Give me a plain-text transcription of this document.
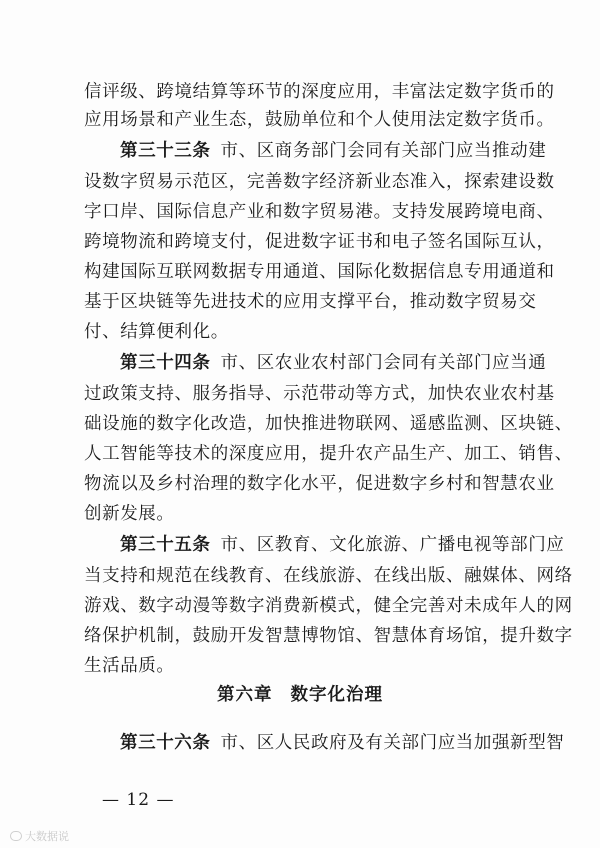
信评级、跨境结算等环节的深度应用，丰富法定数字货币的
应用场景和产业生态，鼓励单位和个人使用法定数字货币。
第三十三条 市、区商务部门会同有关部门应当推动建
设数字贸易示范区，完善数字经济新业态准入，探索建设数
字口岸、国际信息产业和数字贸易港。支持发展跨境电商、
跨境物流和跨境支付，促进数字证书和电子签名国际互认，
构建国际互联网数据专用通道、国际化数据信息专用通道和
基于区块链等先进技术的应用支撑平台，推动数字贸易交
付、结算便利化。
第三十四条 市、区农业农村部门会同有关部门应当通
过政策支持、服务指导、示范带动等方式，加快农业农村基
础设施的数字化改造，加快推进物联网、遥感监测、区块链、
人工智能等技术的深度应用，提升农产品生产、加工、销售、
物流以及乡村治理的数字化水平，促进数字乡村和智慧农业
创新发展。
第三十五条 市、区教育、文化旅游、广播电视等部门应
当支持和规范在线教育、在线旅游、在线出版、融媒体、网络
游戏、数字动漫等数字消费新模式，健全完善对未成年人的网
络保护机制，鼓励开发智慧博物馆、智慧体育场馆，提升数字
生活品质。
第六章 数字化治理
第三十六条 市、区人民政府及有关部门应当加强新型智
— 12 —
大数据说
